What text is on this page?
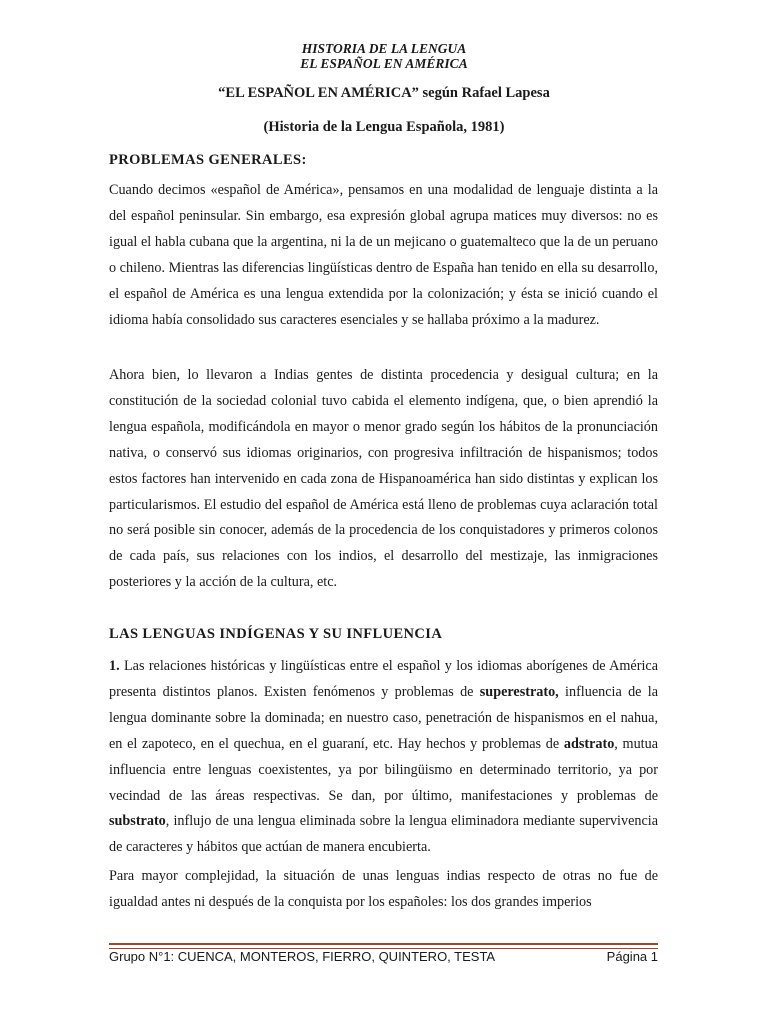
HISTORIA DE LA LENGUA
EL ESPAÑOL EN AMÉRICA
“EL ESPAÑOL EN AMÉRICA” según Rafael Lapesa
(Historia de la Lengua Española, 1981)
PROBLEMAS GENERALES:

Cuando decimos «español de América», pensamos en una modalidad de lenguaje distinta a la del español peninsular. Sin embargo, esa expresión global agrupa matices muy diversos: no es igual el habla cubana que la argentina, ni la de un mejicano o guatemalteco que la de un peruano o chileno. Mientras las diferencias lingüísticas dentro de España han tenido en ella su desarrollo, el español de América es una lengua extendida por la colonización; y ésta se inició cuando el idioma había consolidado sus caracteres esenciales y se hallaba próximo a la madurez.

Ahora bien, lo llevaron a Indias gentes de distinta procedencia y desigual cultura; en la constitución de la sociedad colonial tuvo cabida el elemento indígena, que, o bien aprendió la lengua española, modificándola en mayor o menor grado según los hábitos de la pronunciación nativa, o conservó sus idiomas originarios, con progresiva infiltración de hispanismos; todos estos factores han intervenido en cada zona de Hispanoamérica han sido distintas y explican los particularismos. El estudio del español de América está lleno de problemas cuya aclaración total no será posible sin conocer, además de la procedencia de los conquistadores y primeros colonos de cada país, sus relaciones con los indios, el desarrollo del mestizaje, las inmigraciones posteriores y la acción de la cultura, etc.

LAS LENGUAS INDÍGENAS Y SU INFLUENCIA

1. Las relaciones históricas y lingüísticas entre el español y los idiomas aborígenes de América presenta distintos planos. Existen fenómenos y problemas de superestrato, influencia de la lengua dominante sobre la dominada; en nuestro caso, penetración de hispanismos en el nahua, en el zapoteco, en el quechua, en el guaraní, etc. Hay hechos y problemas de adstrato, mutua influencia entre lenguas coexistentes, ya por bilingüismo en determinado territorio, ya por vecindad de las áreas respectivas. Se dan, por último, manifestaciones y problemas de substrato, influjo de una lengua eliminada sobre la lengua eliminadora mediante supervivencia de caracteres y hábitos que actúan de manera encubierta.

Para mayor complejidad, la situación de unas lenguas indias respecto de otras no fue de igualdad antes ni después de la conquista por los españoles: los dos grandes imperios

Grupo N°1: CUENCA, MONTEROS, FIERRO, QUINTERO, TESTA	Página 1
